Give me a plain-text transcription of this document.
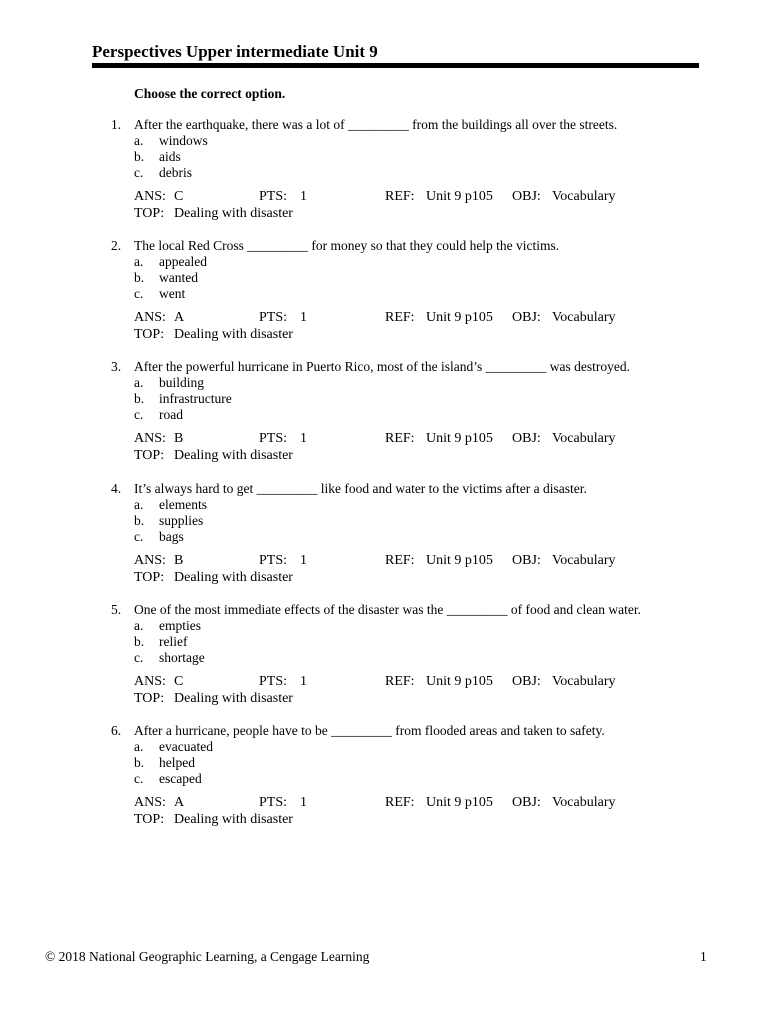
Perspectives Upper intermediate Unit 9
Choose the correct option.
1. After the earthquake, there was a lot of _________ from the buildings all over the streets.
a. windows
b. aids
c. debris
ANS: C	PTS: 1	REF: Unit 9 p105 OBJ: Vocabulary
TOP: Dealing with disaster
2. The local Red Cross _________ for money so that they could help the victims.
a. appealed
b. wanted
c. went
ANS: A	PTS: 1	REF: Unit 9 p105 OBJ: Vocabulary
TOP: Dealing with disaster
3. After the powerful hurricane in Puerto Rico, most of the island’s _________ was destroyed.
a. building
b. infrastructure
c. road
ANS: B	PTS: 1	REF: Unit 9 p105 OBJ: Vocabulary
TOP: Dealing with disaster
4. It’s always hard to get _________ like food and water to the victims after a disaster.
a. elements
b. supplies
c. bags
ANS: B	PTS: 1	REF: Unit 9 p105 OBJ: Vocabulary
TOP: Dealing with disaster
5. One of the most immediate effects of the disaster was the _________ of food and clean water.
a. empties
b. relief
c. shortage
ANS: C	PTS: 1	REF: Unit 9 p105 OBJ: Vocabulary
TOP: Dealing with disaster
6. After a hurricane, people have to be _________ from flooded areas and taken to safety.
a. evacuated
b. helped
c. escaped
ANS: A	PTS: 1	REF: Unit 9 p105 OBJ: Vocabulary
TOP: Dealing with disaster
© 2018 National Geographic Learning, a Cengage Learning	1
